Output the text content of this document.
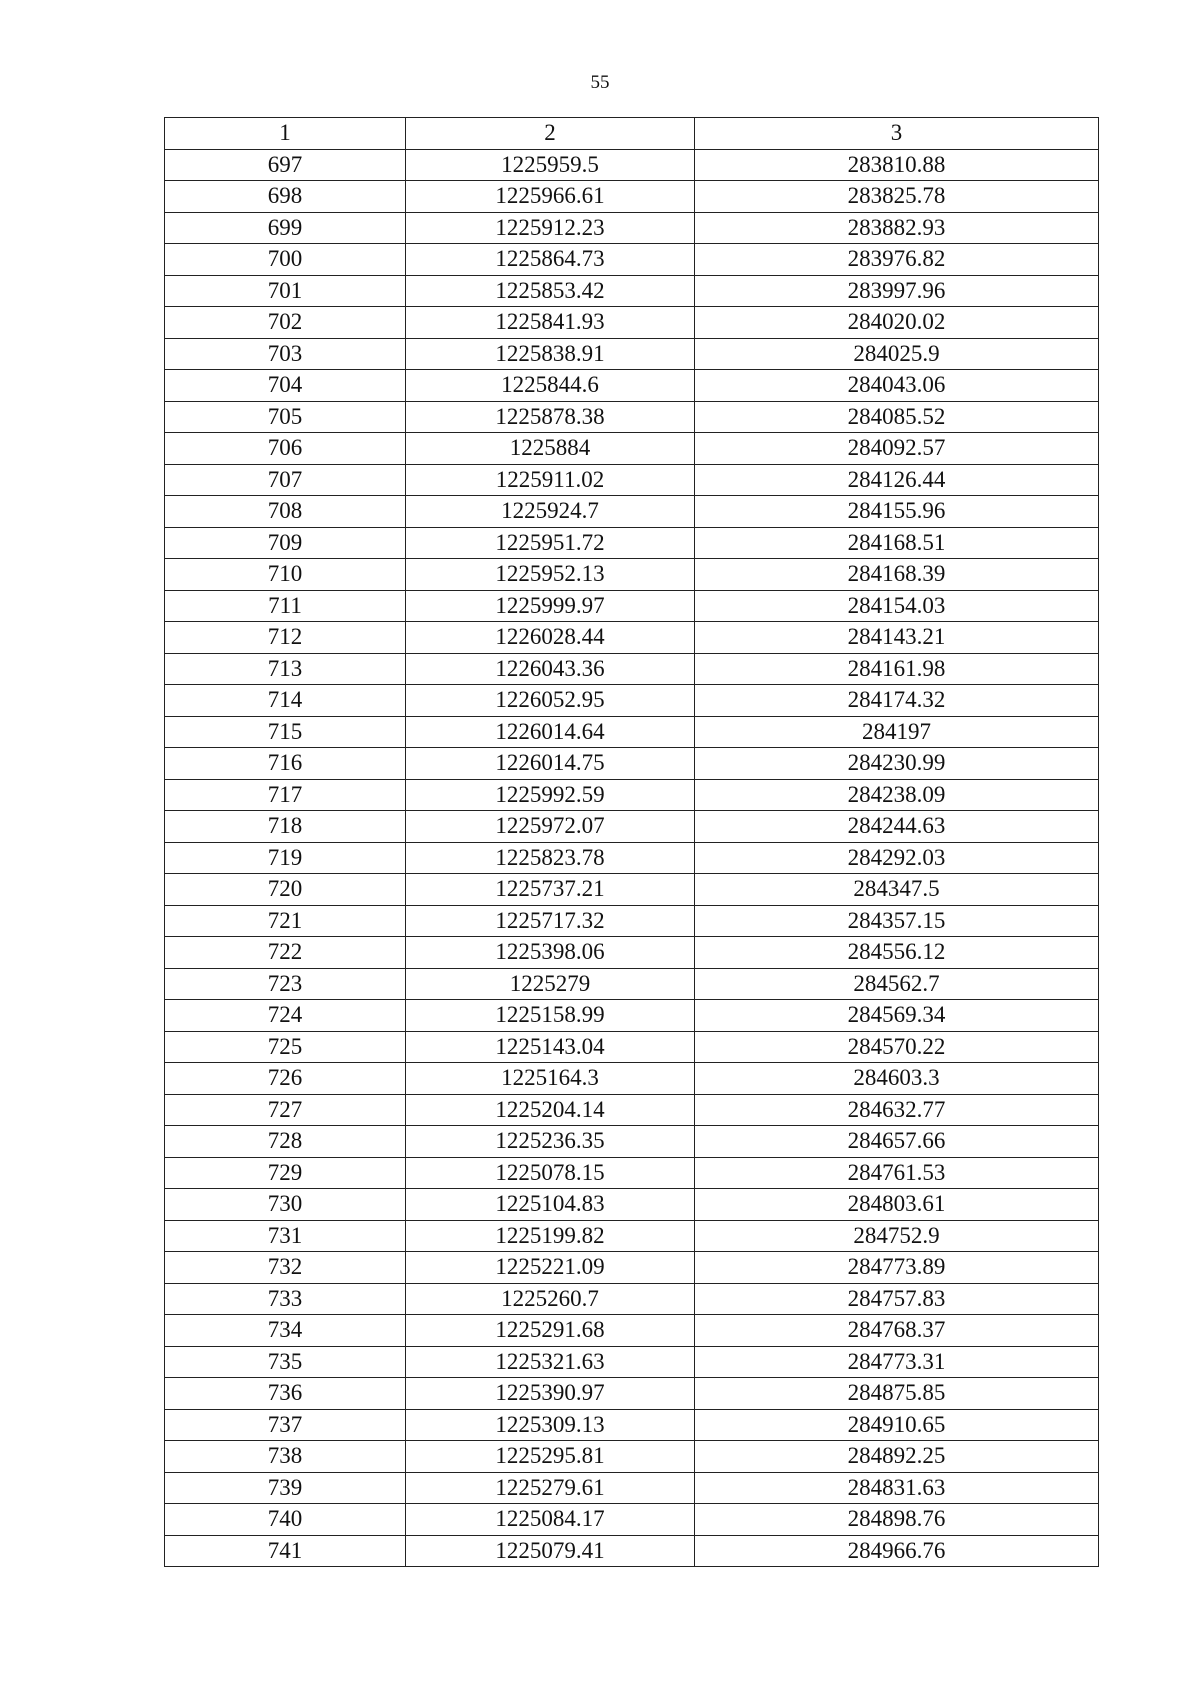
55
1	2	3
697	1225959.5	283810.88
698	1225966.61	283825.78
699	1225912.23	283882.93
700	1225864.73	283976.82
701	1225853.42	283997.96
702	1225841.93	284020.02
703	1225838.91	284025.9
704	1225844.6	284043.06
705	1225878.38	284085.52
706	1225884	284092.57
707	1225911.02	284126.44
708	1225924.7	284155.96
709	1225951.72	284168.51
710	1225952.13	284168.39
711	1225999.97	284154.03
712	1226028.44	284143.21
713	1226043.36	284161.98
714	1226052.95	284174.32
715	1226014.64	284197
716	1226014.75	284230.99
717	1225992.59	284238.09
718	1225972.07	284244.63
719	1225823.78	284292.03
720	1225737.21	284347.5
721	1225717.32	284357.15
722	1225398.06	284556.12
723	1225279	284562.7
724	1225158.99	284569.34
725	1225143.04	284570.22
726	1225164.3	284603.3
727	1225204.14	284632.77
728	1225236.35	284657.66
729	1225078.15	284761.53
730	1225104.83	284803.61
731	1225199.82	284752.9
732	1225221.09	284773.89
733	1225260.7	284757.83
734	1225291.68	284768.37
735	1225321.63	284773.31
736	1225390.97	284875.85
737	1225309.13	284910.65
738	1225295.81	284892.25
739	1225279.61	284831.63
740	1225084.17	284898.76
741	1225079.41	284966.76
